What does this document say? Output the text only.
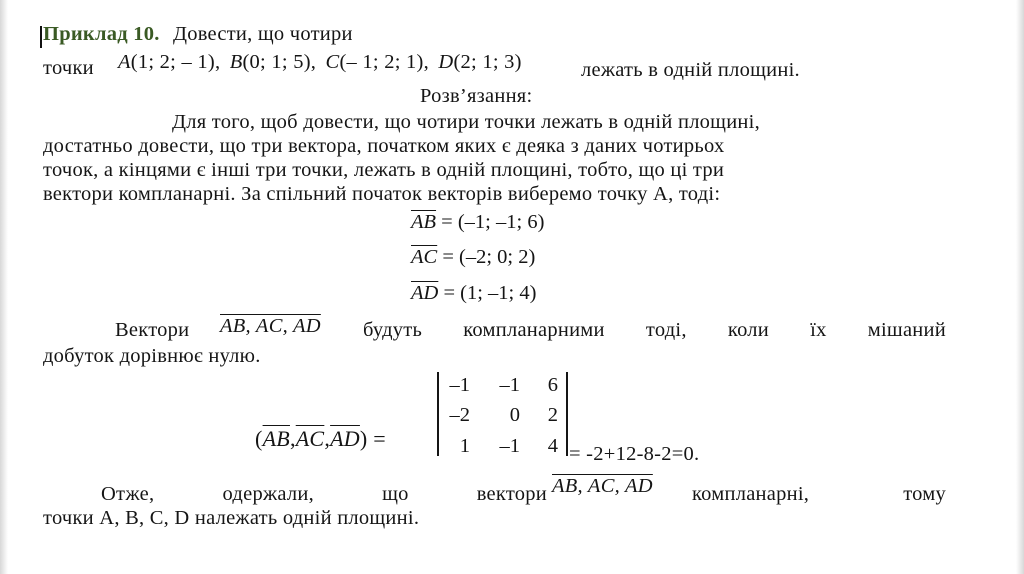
Приклад 10. Довести, що чотири
точки A(1; 2; – 1), B(0; 1; 5), C(– 1; 2; 1), D(2; 1; 3)	лежать в одній площині.
Розв’язання:
Для того, щоб довести, що чотири точки лежать в одній площині,
достатньо довести, що три вектора, початком яких є деяка з даних чотирьох
точок, а кінцями є інші три точки, лежать в одній площині, тобто, що ці три
вектори компланарні. За спільний початок векторів виберемо точку А, тоді:
$\overline{AB} = (-1$; –1; 6)
$\overline{AC} = (-2$; 0; 2)
$\overline{AD} = (1$; –1; 4)
Вектори AB, AC, AD будуть компланарними тоді, коли їх мішаний
добуток дорівнює нулю.
–1	–1	6
–2	0	2
1	–1	4
$(\overline{AB},\overline{AC},\overline{AD})$ =
= -2+12-8-2=0.
Отже,	одержали,	що	вектори AB, AC, AD компланарні,	тому
точки А, В, С, D належать одній площині.
